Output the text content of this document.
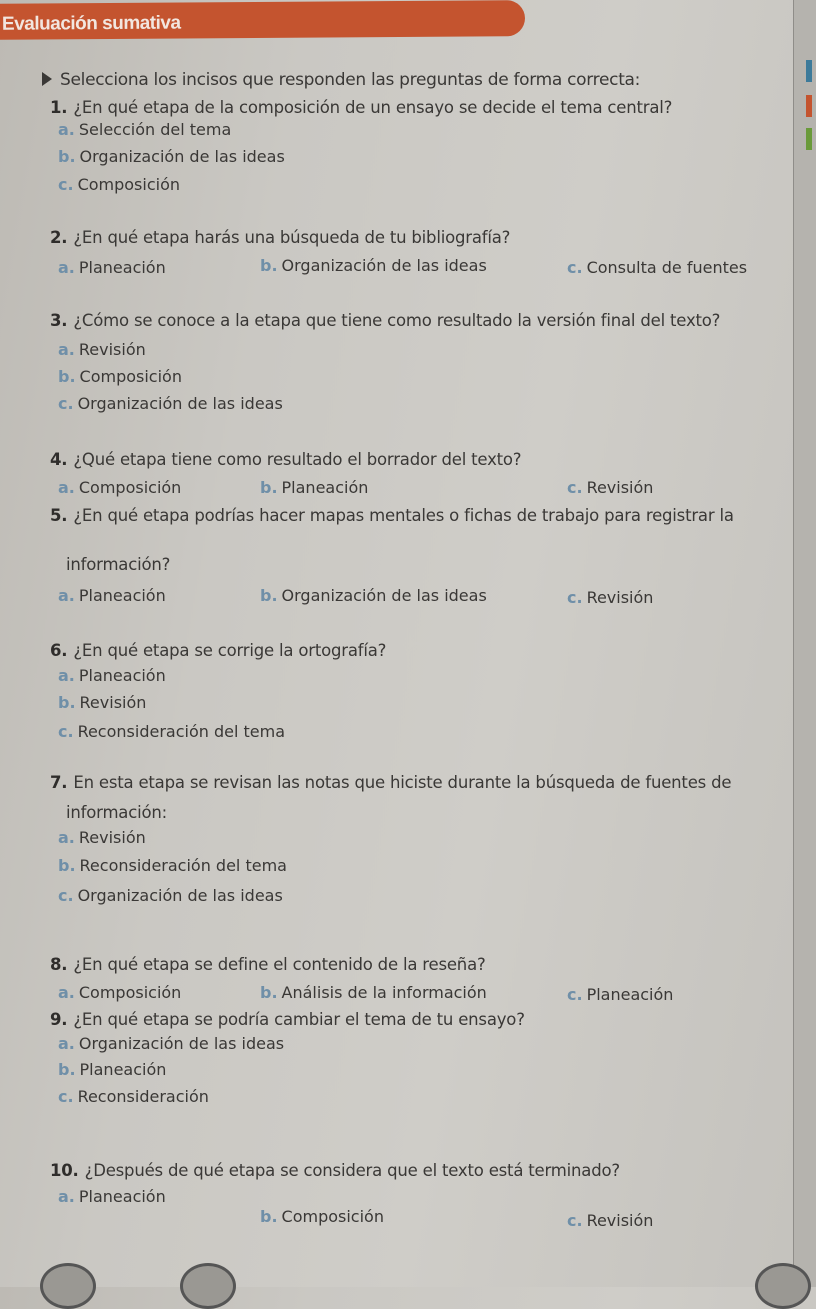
Evaluación sumativa
Selecciona los incisos que responden las preguntas de forma correcta:
1. ¿En qué etapa de la composición de un ensayo se decide el tema central?
a. Selección del tema
b. Organización de las ideas
c. Composición
2. ¿En qué etapa harás una búsqueda de tu bibliografía?
a. Planeación	b. Organización de las ideas	c. Consulta de fuentes
3. ¿Cómo se conoce a la etapa que tiene como resultado la versión final del texto?
a. Revisión
b. Composición
c. Organización de las ideas
4. ¿Qué etapa tiene como resultado el borrador del texto?
a. Composición	b. Planeación	c. Revisión
5. ¿En qué etapa podrías hacer mapas mentales o fichas de trabajo para registrar la
información?
a. Planeación	b. Organización de las ideas	c. Revisión
6. ¿En qué etapa se corrige la ortografía?
a. Planeación
b. Revisión
c. Reconsideración del tema
7. En esta etapa se revisan las notas que hiciste durante la búsqueda de fuentes de
información:
a. Revisión
b. Reconsideración del tema
c. Organización de las ideas
8. ¿En qué etapa se define el contenido de la reseña?
a. Composición	b. Análisis de la información	c. Planeación
9. ¿En qué etapa se podría cambiar el tema de tu ensayo?
a. Organización de las ideas
b. Planeación
c. Reconsideración
10. ¿Después de qué etapa se considera que el texto está terminado?
a. Planeación
b. Composición	c. Revisión
